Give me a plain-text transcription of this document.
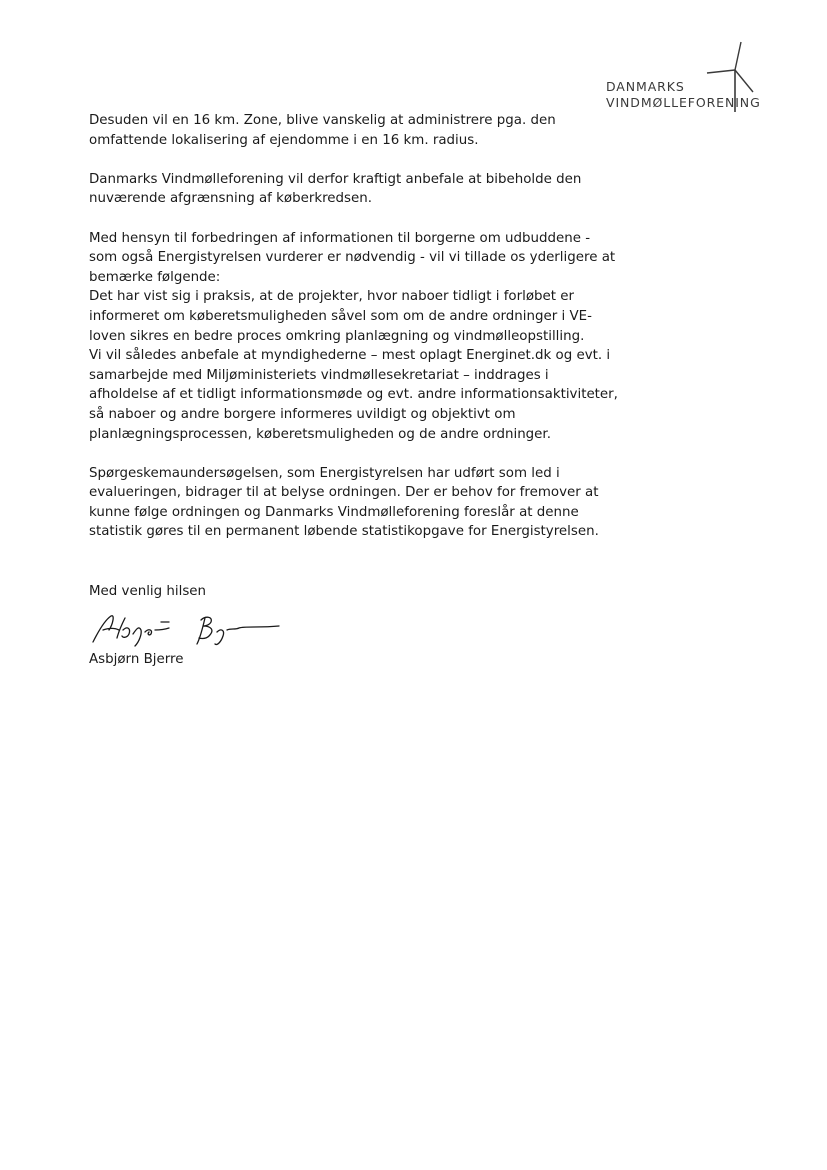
DANMARKS
VINDMØLLEFORENING

Desuden vil en 16 km. Zone, blive vanskelig at administrere pga. den
omfattende lokalisering af ejendomme i en 16 km. radius.

Danmarks Vindmølleforening vil derfor kraftigt anbefale at bibeholde den
nuværende afgrænsning af køberkredsen.

Med hensyn til forbedringen af informationen til borgerne om udbuddene -
som også Energistyrelsen vurderer er nødvendig - vil vi tillade os yderligere at
bemærke følgende:
Det har vist sig i praksis, at de projekter, hvor naboer tidligt i forløbet er
informeret om køberetsmuligheden såvel som om de andre ordninger i VE-
loven sikres en bedre proces omkring planlægning og vindmølleopstilling.
Vi vil således anbefale at myndighederne – mest oplagt Energinet.dk og evt. i
samarbejde med Miljøministeriets vindmøllesekretariat – inddrages i
afholdelse af et tidligt informationsmøde og evt. andre informationsaktiviteter,
så naboer og andre borgere informeres uvildigt og objektivt om
planlægningsprocessen, køberetsmuligheden og de andre ordninger.

Spørgeskemaundersøgelsen, som Energistyrelsen har udført som led i
evalueringen, bidrager til at belyse ordningen. Der er behov for fremover at
kunne følge ordningen og Danmarks Vindmølleforening foreslår at denne
statistik gøres til en permanent løbende statistikopgave for Energistyrelsen.

Med venlig hilsen
Asbjørn Bjerre
